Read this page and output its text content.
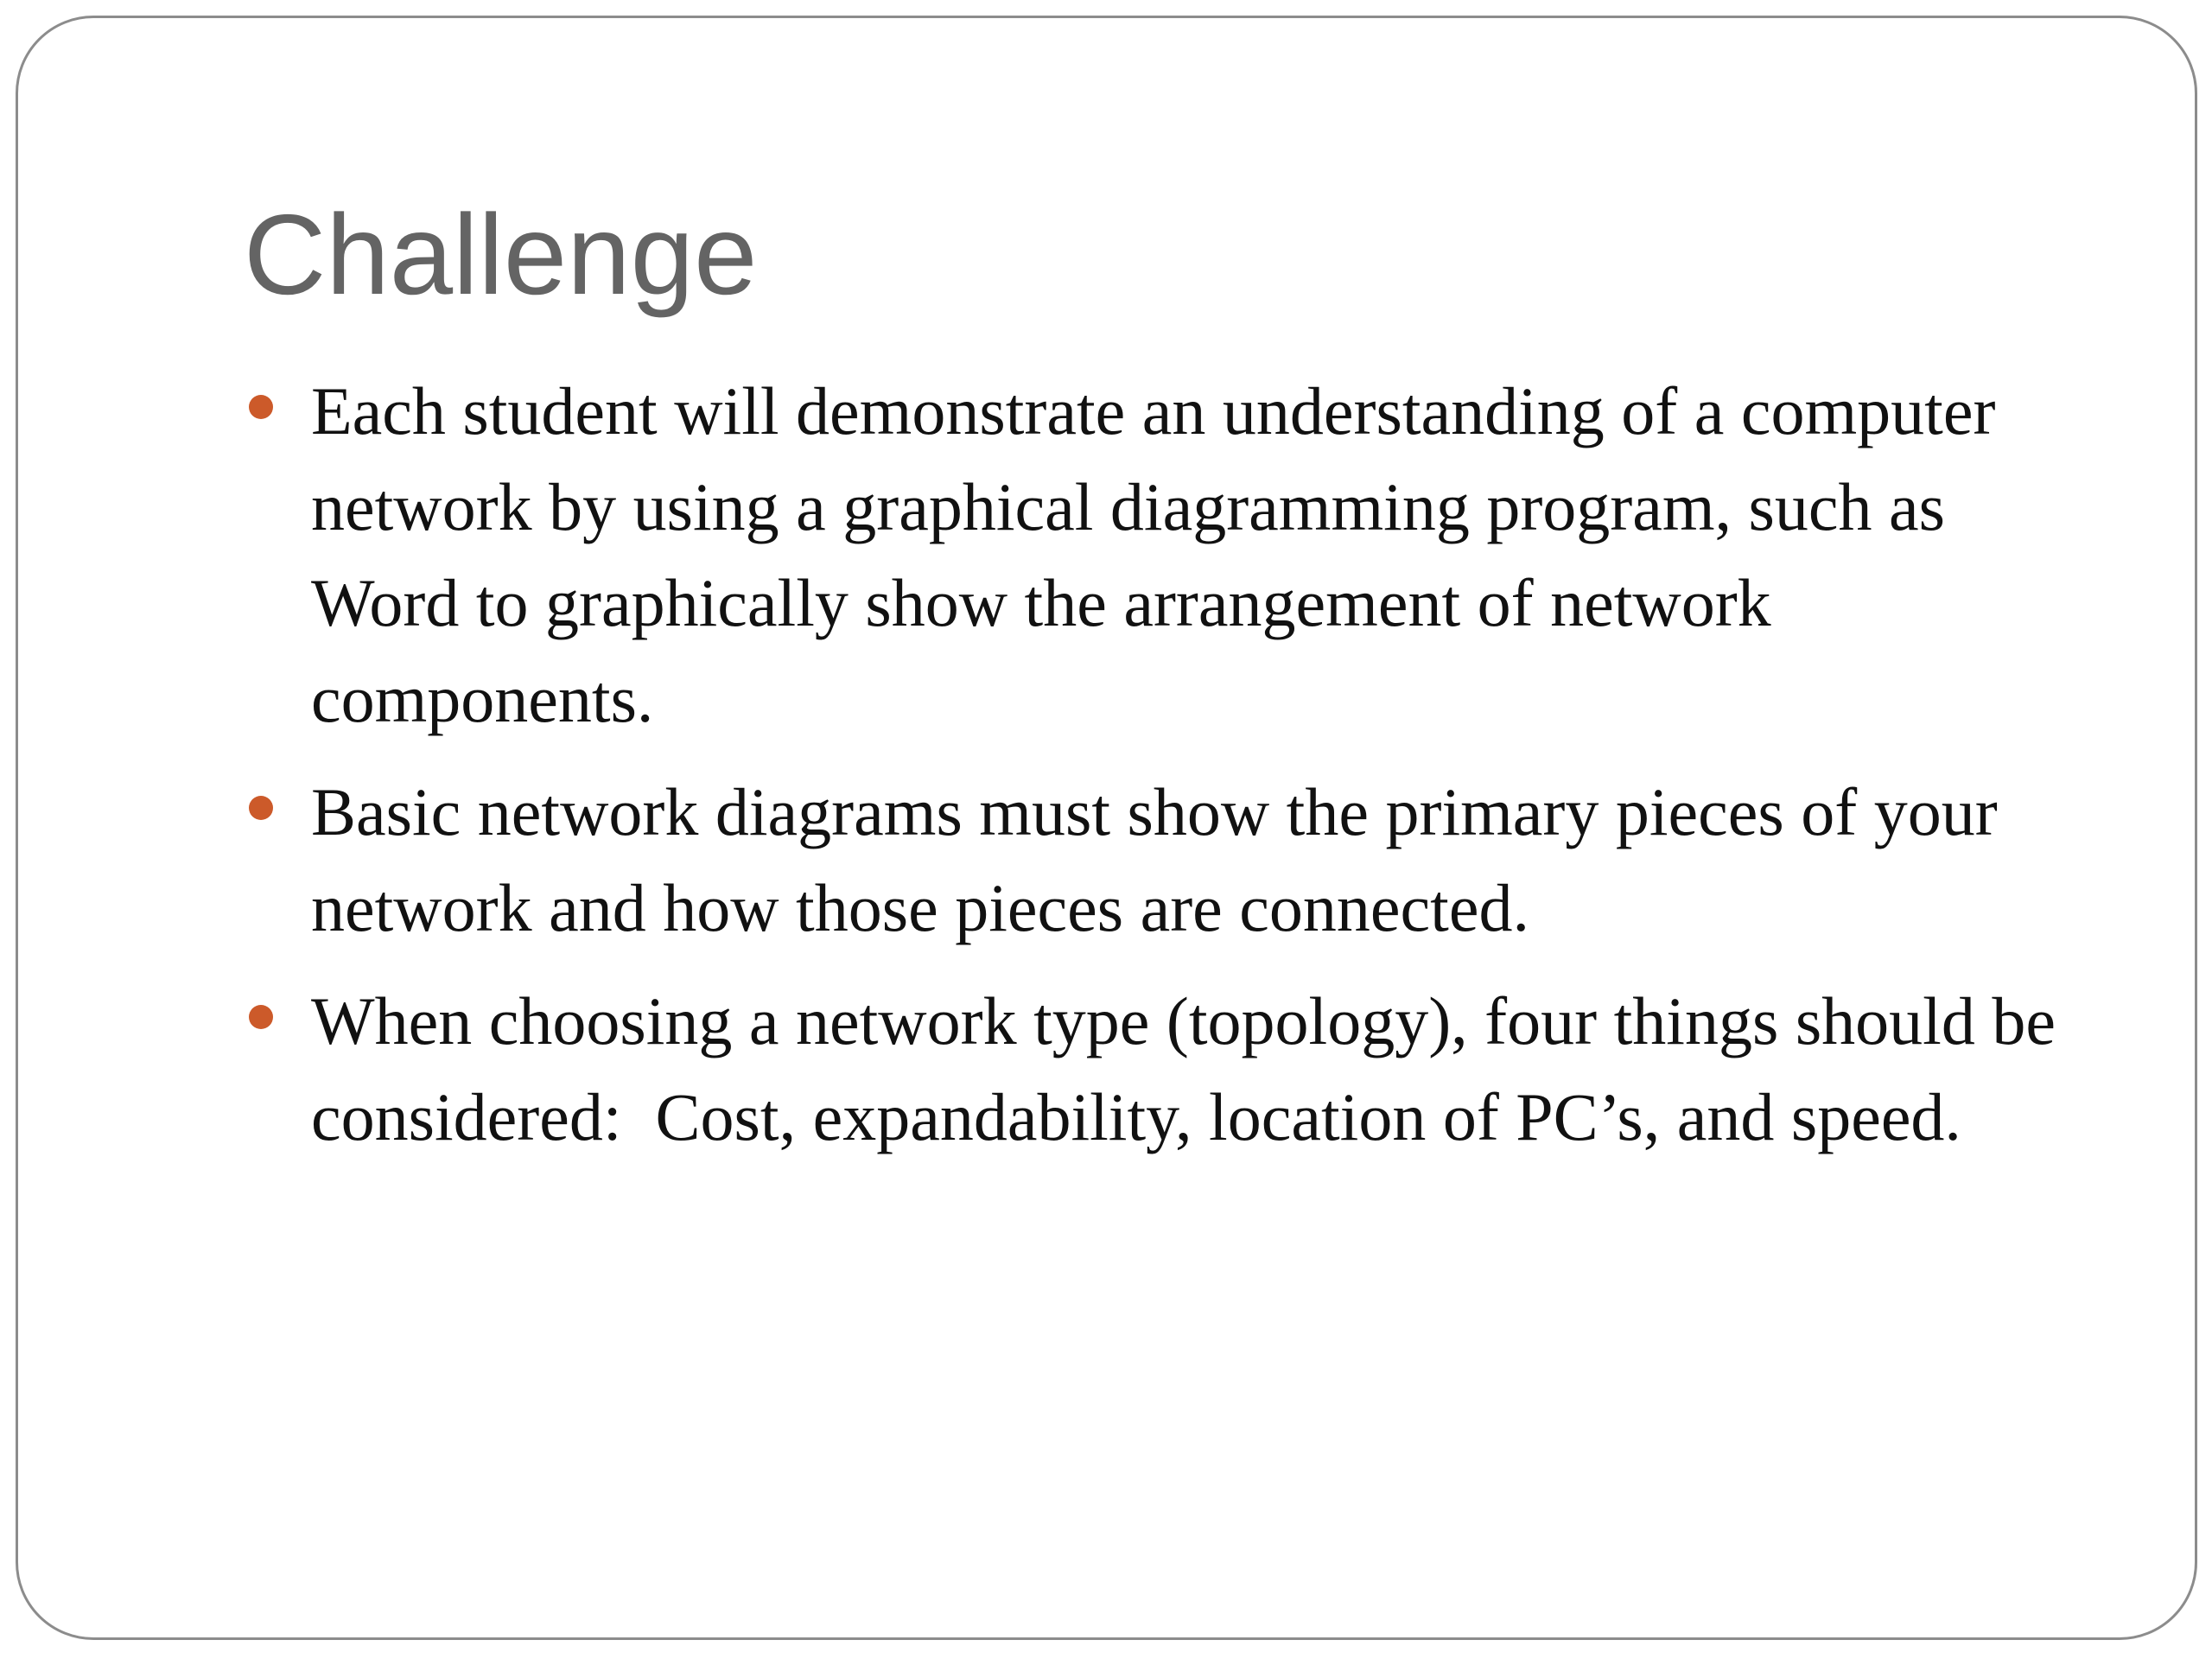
Challenge
Each student will demonstrate an understanding of a computer network by using a graphical diagramming program, such as Word to graphically show the arrangement of network components.
Basic network diagrams must show the primary pieces of your network and how those pieces are connected.
When choosing a network type (topology), four things should be considered:  Cost, expandability, location of PC’s, and speed.
